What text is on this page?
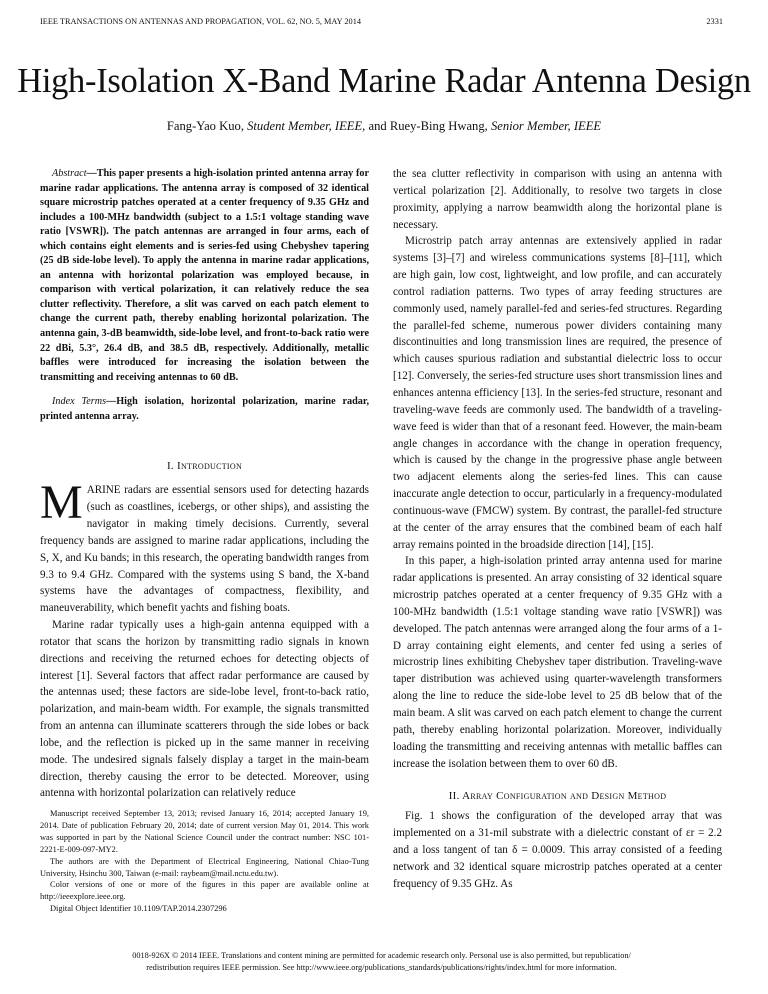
IEEE TRANSACTIONS ON ANTENNAS AND PROPAGATION, VOL. 62, NO. 5, MAY 2014	2331
High-Isolation X-Band Marine Radar Antenna Design
Fang-Yao Kuo, Student Member, IEEE, and Ruey-Bing Hwang, Senior Member, IEEE

Abstract—This paper presents a high-isolation printed antenna array for marine radar applications. The antenna array is composed of 32 identical square microstrip patches operated at a center frequency of 9.35 GHz and includes a 100-MHz bandwidth (subject to a 1.5:1 voltage standing wave ratio [VSWR]). The patch antennas are arranged in four arms, each of which contains eight elements and is series-fed using Chebyshev tapering (25 dB side-lobe level). To apply the antenna in marine radar applications, an antenna with horizontal polarization was employed because, in comparison with vertical polarization, it can relatively reduce the sea clutter reflectivity. Therefore, a slit was carved on each patch element to change the current path, thereby enabling horizontal polarization. The antenna gain, 3-dB beamwidth, side-lobe level, and front-to-back ratio were 22 dBi, 5.3°, 26.4 dB, and 38.5 dB, respectively. Additionally, metallic baffles were introduced for increasing the isolation between the transmitting and receiving antennas to 60 dB.

Index Terms—High isolation, horizontal polarization, marine radar, printed antenna array.

I. Introduction

MARINE radars are essential sensors used for detecting hazards (such as coastlines, icebergs, or other ships), and assisting the navigator in making timely decisions. Currently, several frequency bands are assigned to marine radar applications, including the S, X, and Ku bands; in this research, the operating bandwidth ranges from 9.3 to 9.4 GHz. Compared with the systems using S band, the X-band systems have the advantages of compactness, flexibility, and maneuverability, which benefit yachts and fishing boats.

Marine radar typically uses a high-gain antenna equipped with a rotator that scans the horizon by transmitting radio signals in known directions and receiving the returned echoes for detecting objects of interest [1]. Several factors that affect radar performance are caused by the antennas used; these factors are side-lobe level, front-to-back ratio, polarization, and main-beam width. For example, the signals transmitted from an antenna can illuminate scatterers through the side lobes or back lobe, and the reflection is picked up in the same manner in receiving mode. The undesired signals falsely display a target in the main-beam direction, thereby causing the error to be detected. Moreover, using antenna with horizontal polarization can relatively reduce

Manuscript received September 13, 2013; revised January 16, 2014; accepted January 19, 2014. Date of publication February 20, 2014; date of current version May 01, 2014. This work was supported in part by the National Science Council under the contract number: NSC 101-2221-E-009-097-MY2.

The authors are with the Department of Electrical Engineering, National Chiao-Tung University, Hsinchu 300, Taiwan (e-mail: raybeam@mail.nctu.edu.tw).

Color versions of one or more of the figures in this paper are available online at http://ieeexplore.ieee.org.

Digital Object Identifier 10.1109/TAP.2014.2307296

the sea clutter reflectivity in comparison with using an antenna with vertical polarization [2]. Additionally, to resolve two targets in close proximity, applying a narrow beamwidth along the horizontal plane is necessary.

Microstrip patch array antennas are extensively applied in radar systems [3]–[7] and wireless communications systems [8]–[11], which are high gain, low cost, lightweight, and low profile, and can accurately control radiation patterns. Two types of array feeding structures are commonly used, namely parallel-fed and series-fed structures. Regarding the parallel-fed scheme, numerous power dividers containing many discontinuities and long transmission lines are required, the presence of which causes spurious radiation and substantial dielectric loss to occur [12]. Conversely, the series-fed structure uses short transmission lines and enhances antenna efficiency [13]. In the series-fed structure, resonant and traveling-wave feeds are commonly used. The bandwidth of a traveling-wave feed is wider than that of a resonant feed. However, the main-beam angle changes in accordance with the change in operation frequency, which is caused by the change in the progressive phase angle between two adjacent elements along the series-fed lines. This can cause inaccurate angle detection to occur, particularly in a frequency-modulated continuous-wave (FMCW) system. By contrast, the parallel-fed structure at the center of the array ensures that the combined beam of each half array remains pointed in the broadside direction [14], [15].

In this paper, a high-isolation printed array antenna used for marine radar applications is presented. An array consisting of 32 identical square microstrip patches operated at a center frequency of 9.35 GHz with a 100-MHz bandwidth (1.5:1 voltage standing wave ratio [VSWR]) was developed. The patch antennas were arranged along the four arms of a 1-D array containing eight elements, and center fed using a series of microstrip lines exhibiting Chebyshev taper distribution. Traveling-wave taper distribution was achieved using quarter-wavelength transformers along the line to reduce the side-lobe level to 25 dB below that of the main beam. A slit was carved on each patch element to change the current path, thereby enabling horizontal polarization. Moreover, individually loading the transmitting and receiving antennas with metallic baffles can increase the isolation between them to over 60 dB.

II. Array Configuration and Design Method

Fig. 1 shows the configuration of the developed array that was implemented on a 31-mil substrate with a dielectric constant of εr = 2.2 and a loss tangent of tan δ = 0.0009. This array consisted of a feeding network and 32 identical square microstrip patches operated at a center frequency of 9.35 GHz. As

0018-926X © 2014 IEEE. Translations and content mining are permitted for academic research only. Personal use is also permitted, but republication/
redistribution requires IEEE permission. See http://www.ieee.org/publications_standards/publications/rights/index.html for more information.
